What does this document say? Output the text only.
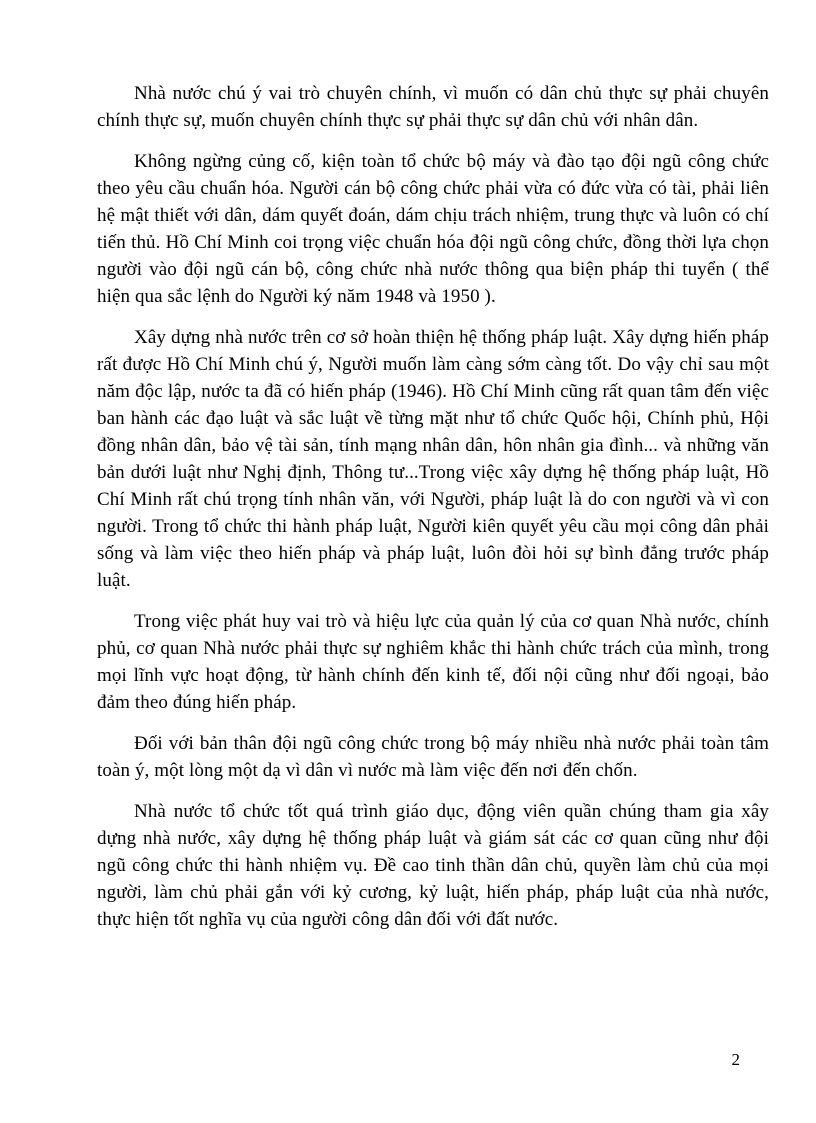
Nhà nước chú ý vai trò chuyên chính, vì muốn có dân chủ thực sự phải chuyên chính thực sự, muốn chuyên chính thực sự phải thực sự dân chủ với nhân dân.

Không ngừng củng cố, kiện toàn tổ chức bộ máy và đào tạo đội ngũ công chức theo yêu cầu chuẩn hóa. Người cán bộ công chức phải vừa có đức vừa có tài, phải liên hệ mật thiết với dân, dám quyết đoán, dám chịu trách nhiệm, trung thực và luôn có chí tiến thủ. Hồ Chí Minh coi trọng việc chuẩn hóa đội ngũ công chức, đồng thời lựa chọn người vào đội ngũ cán bộ, công chức nhà nước thông qua biện pháp thi tuyển ( thể hiện qua sắc lệnh do Người ký năm 1948 và 1950 ).

Xây dựng nhà nước trên cơ sở hoàn thiện hệ thống pháp luật. Xây dựng hiến pháp rất được Hồ Chí Minh chú ý, Người muốn làm càng sớm càng tốt. Do vậy chỉ sau một năm độc lập, nước ta đã có hiến pháp (1946). Hồ Chí Minh cũng rất quan tâm đến việc ban hành các đạo luật và sắc luật về từng mặt như tổ chức Quốc hội, Chính phủ, Hội đồng nhân dân, bảo vệ tài sản, tính mạng nhân dân, hôn nhân gia đình... và những văn bản dưới luật như Nghị định, Thông tư...Trong việc xây dựng hệ thống pháp luật, Hồ Chí Minh rất chú trọng tính nhân văn, với Người, pháp luật là do con người và vì con người. Trong tổ chức thi hành pháp luật, Người kiên quyết yêu cầu mọi công dân phải sống và làm việc theo hiến pháp và pháp luật, luôn đòi hỏi sự bình đẳng trước pháp luật.

Trong việc phát huy vai trò và hiệu lực của quản lý của cơ quan Nhà nước, chính phủ, cơ quan Nhà nước phải thực sự nghiêm khắc thi hành chức trách của mình, trong mọi lĩnh vực hoạt động, từ hành chính đến kinh tế, đối nội cũng như đối ngoại, bảo đảm theo đúng hiến pháp.

Đối với bản thân đội ngũ công chức trong bộ máy nhiều nhà nước phải toàn tâm toàn ý, một lòng một dạ vì dân vì nước mà làm việc đến nơi đến chốn.

Nhà nước tổ chức tốt quá trình giáo dục, động viên quần chúng tham gia xây dựng nhà nước, xây dựng hệ thống pháp luật và giám sát các cơ quan cũng như đội ngũ công chức thi hành nhiệm vụ. Đề cao tinh thần dân chủ, quyền làm chủ của mọi người, làm chủ phải gắn với kỷ cương, kỷ luật, hiến pháp, pháp luật của nhà nước, thực hiện tốt nghĩa vụ của người công dân đối với đất nước.

2
